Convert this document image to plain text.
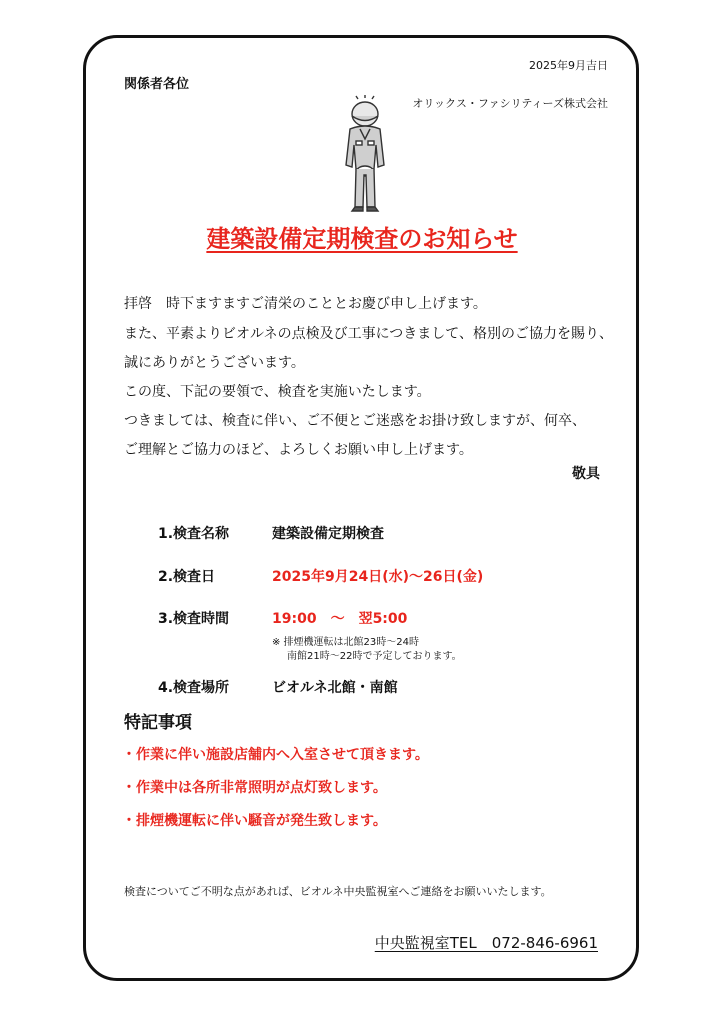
2025年9月吉日
関係者各位
オリックス・ファシリティーズ株式会社
建築設備定期検査のお知らせ
拝啓　時下ますますご清栄のこととお慶び申し上げます。
また、平素よりビオルネの点検及び工事につきまして、格別のご協力を賜り、
誠にありがとうございます。
この度、下記の要領で、検査を実施いたします。
つきましては、検査に伴い、ご不便とご迷惑をお掛け致しますが、何卒、
ご理解とご協力のほど、よろしくお願い申し上げます。
敬具
1.検査名称	建築設備定期検査
2.検査日	2025年9月24日(水)～26日(金)
3.検査時間	19:00　～　翌5:00
※ 排煙機運転は北館23時～24時
南館21時～22時で予定しております。
4.検査場所	ビオルネ北館・南館
特記事項
・作業に伴い施設店舗内へ入室させて頂きます。
・作業中は各所非常照明が点灯致します。
・排煙機運転に伴い騒音が発生致します。
検査についてご不明な点があれば、ビオルネ中央監視室へご連絡をお願いいたします。
中央監視室TEL　072-846-6961
